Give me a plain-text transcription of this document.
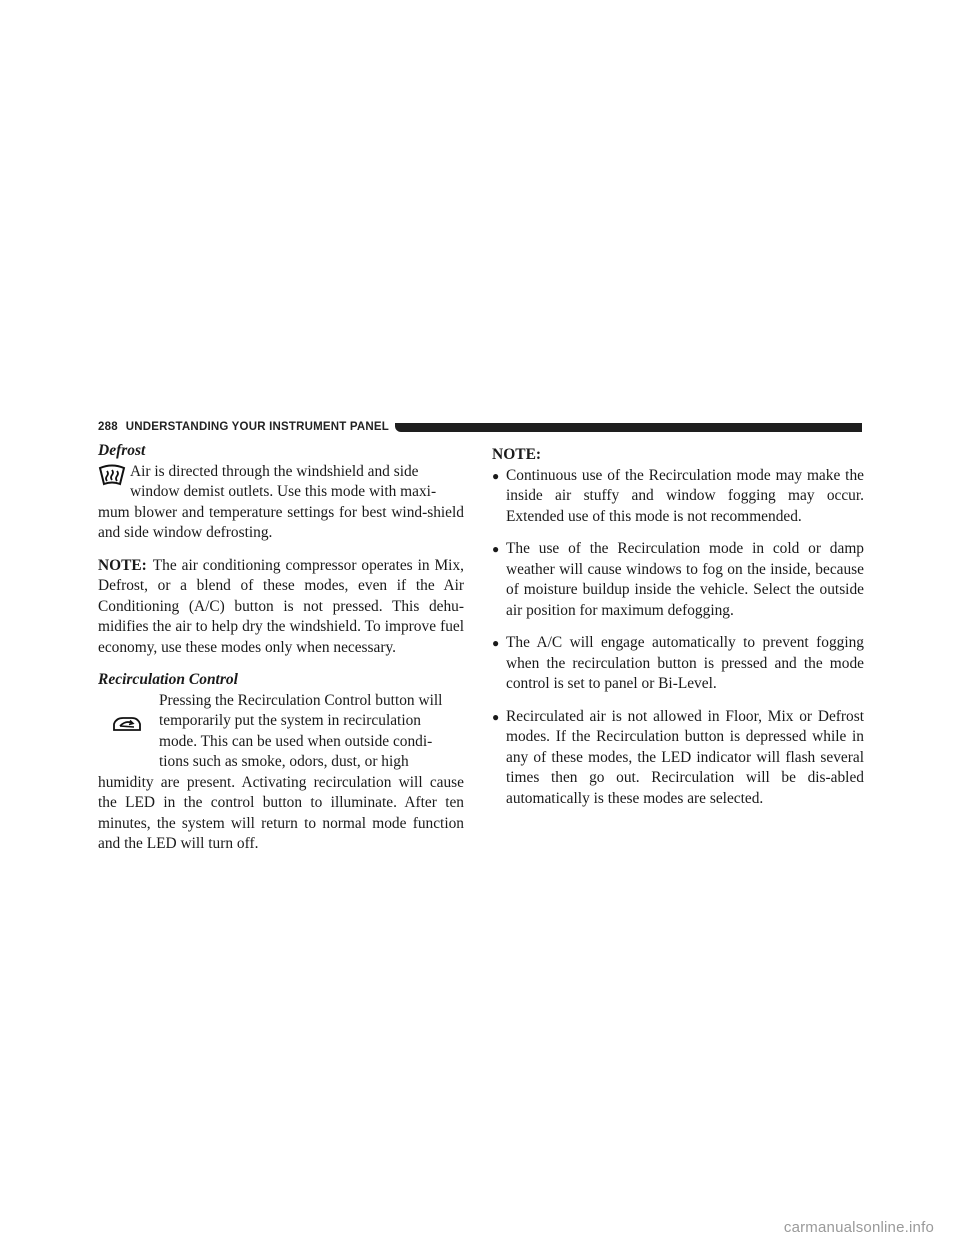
288 UNDERSTANDING YOUR INSTRUMENT PANEL
Defrost

Air is directed through the windshield and side

window demist outlets. Use this mode with maxi-

mum blower and temperature settings for best wind-shield and side window defrosting.

NOTE: The air conditioning compressor operates in Mix, Defrost, or a blend of these modes, even if the Air Conditioning (A/C) button is not pressed. This dehu-midifies the air to help dry the windshield. To improve fuel economy, use these modes only when necessary.

Recirculation Control

Pressing the Recirculation Control button will

temporarily put the system in recirculation

mode. This can be used when outside condi-

tions such as smoke, odors, dust, or high

humidity are present. Activating recirculation will cause the LED in the control button to illuminate. After ten minutes, the system will return to normal mode function and the LED will turn off.

NOTE:
● Continuous use of the Recirculation mode may make the inside air stuffy and window fogging may occur. Extended use of this mode is not recommended.
● The use of the Recirculation mode in cold or damp weather will cause windows to fog on the inside, because of moisture buildup inside the vehicle. Select the outside air position for maximum defogging.
● The A/C will engage automatically to prevent fogging when the recirculation button is pressed and the mode control is set to panel or Bi-Level.
● Recirculated air is not allowed in Floor, Mix or Defrost modes. If the Recirculation button is depressed while in any of these modes, the LED indicator will flash several times then go out. Recirculation will be dis-abled automatically is these modes are selected.
carmanualsonline.info
